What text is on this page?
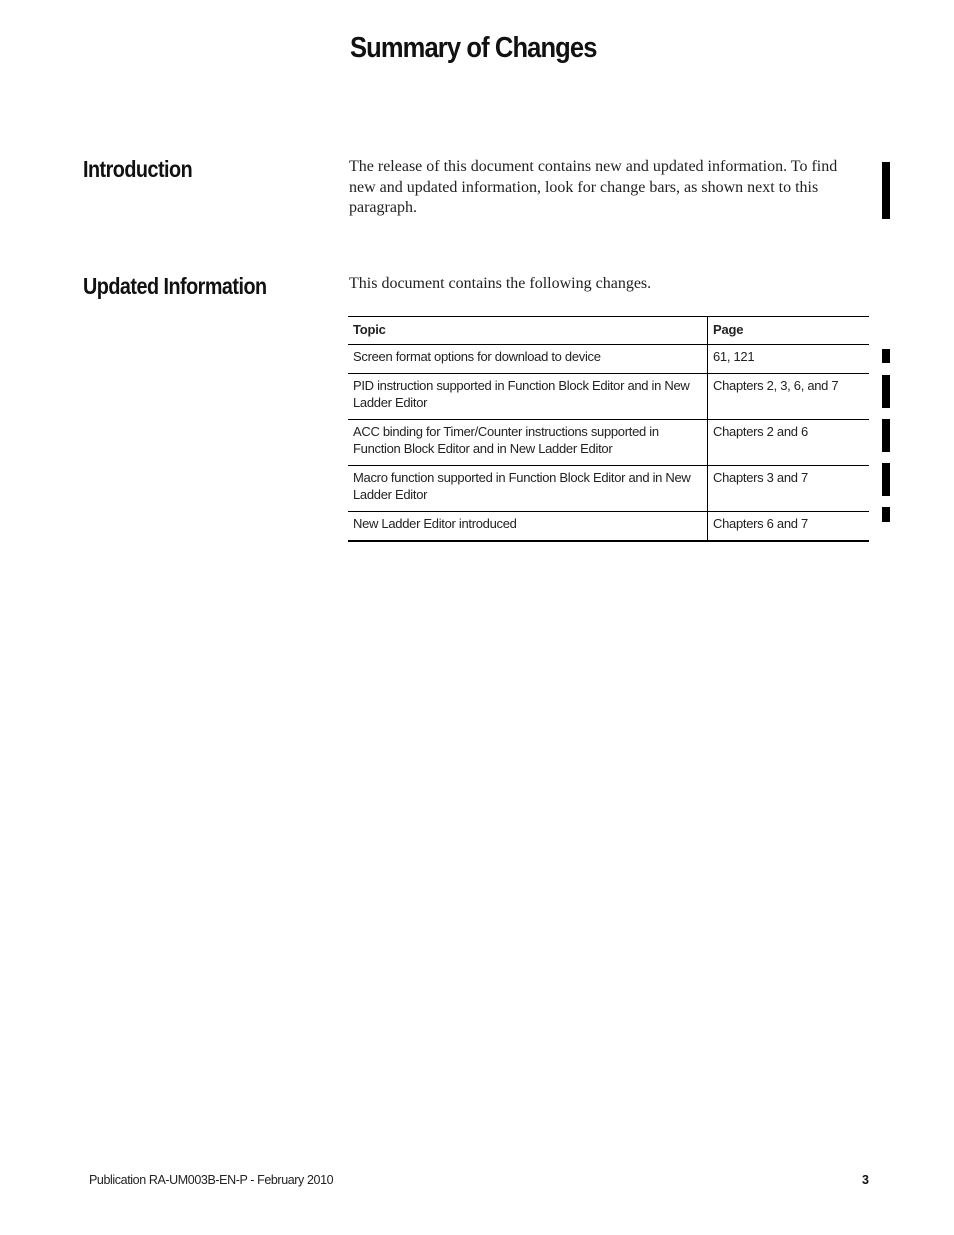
Summary of Changes
Introduction	The release of this document contains new and updated information. To find new and updated information, look for change bars, as shown next to this paragraph.

Updated Information	This document contains the following changes.

Topic	Page
Screen format options for download to device	61, 121
PID instruction supported in Function Block Editor and in New Ladder Editor	Chapters 2, 3, 6, and 7
ACC binding for Timer/Counter instructions supported in Function Block Editor and in New Ladder Editor	Chapters 2 and 6
Macro function supported in Function Block Editor and in New Ladder Editor	Chapters 3 and 7
New Ladder Editor introduced	Chapters 6 and 7

Publication RA-UM003B-EN-P - February 2010	3
